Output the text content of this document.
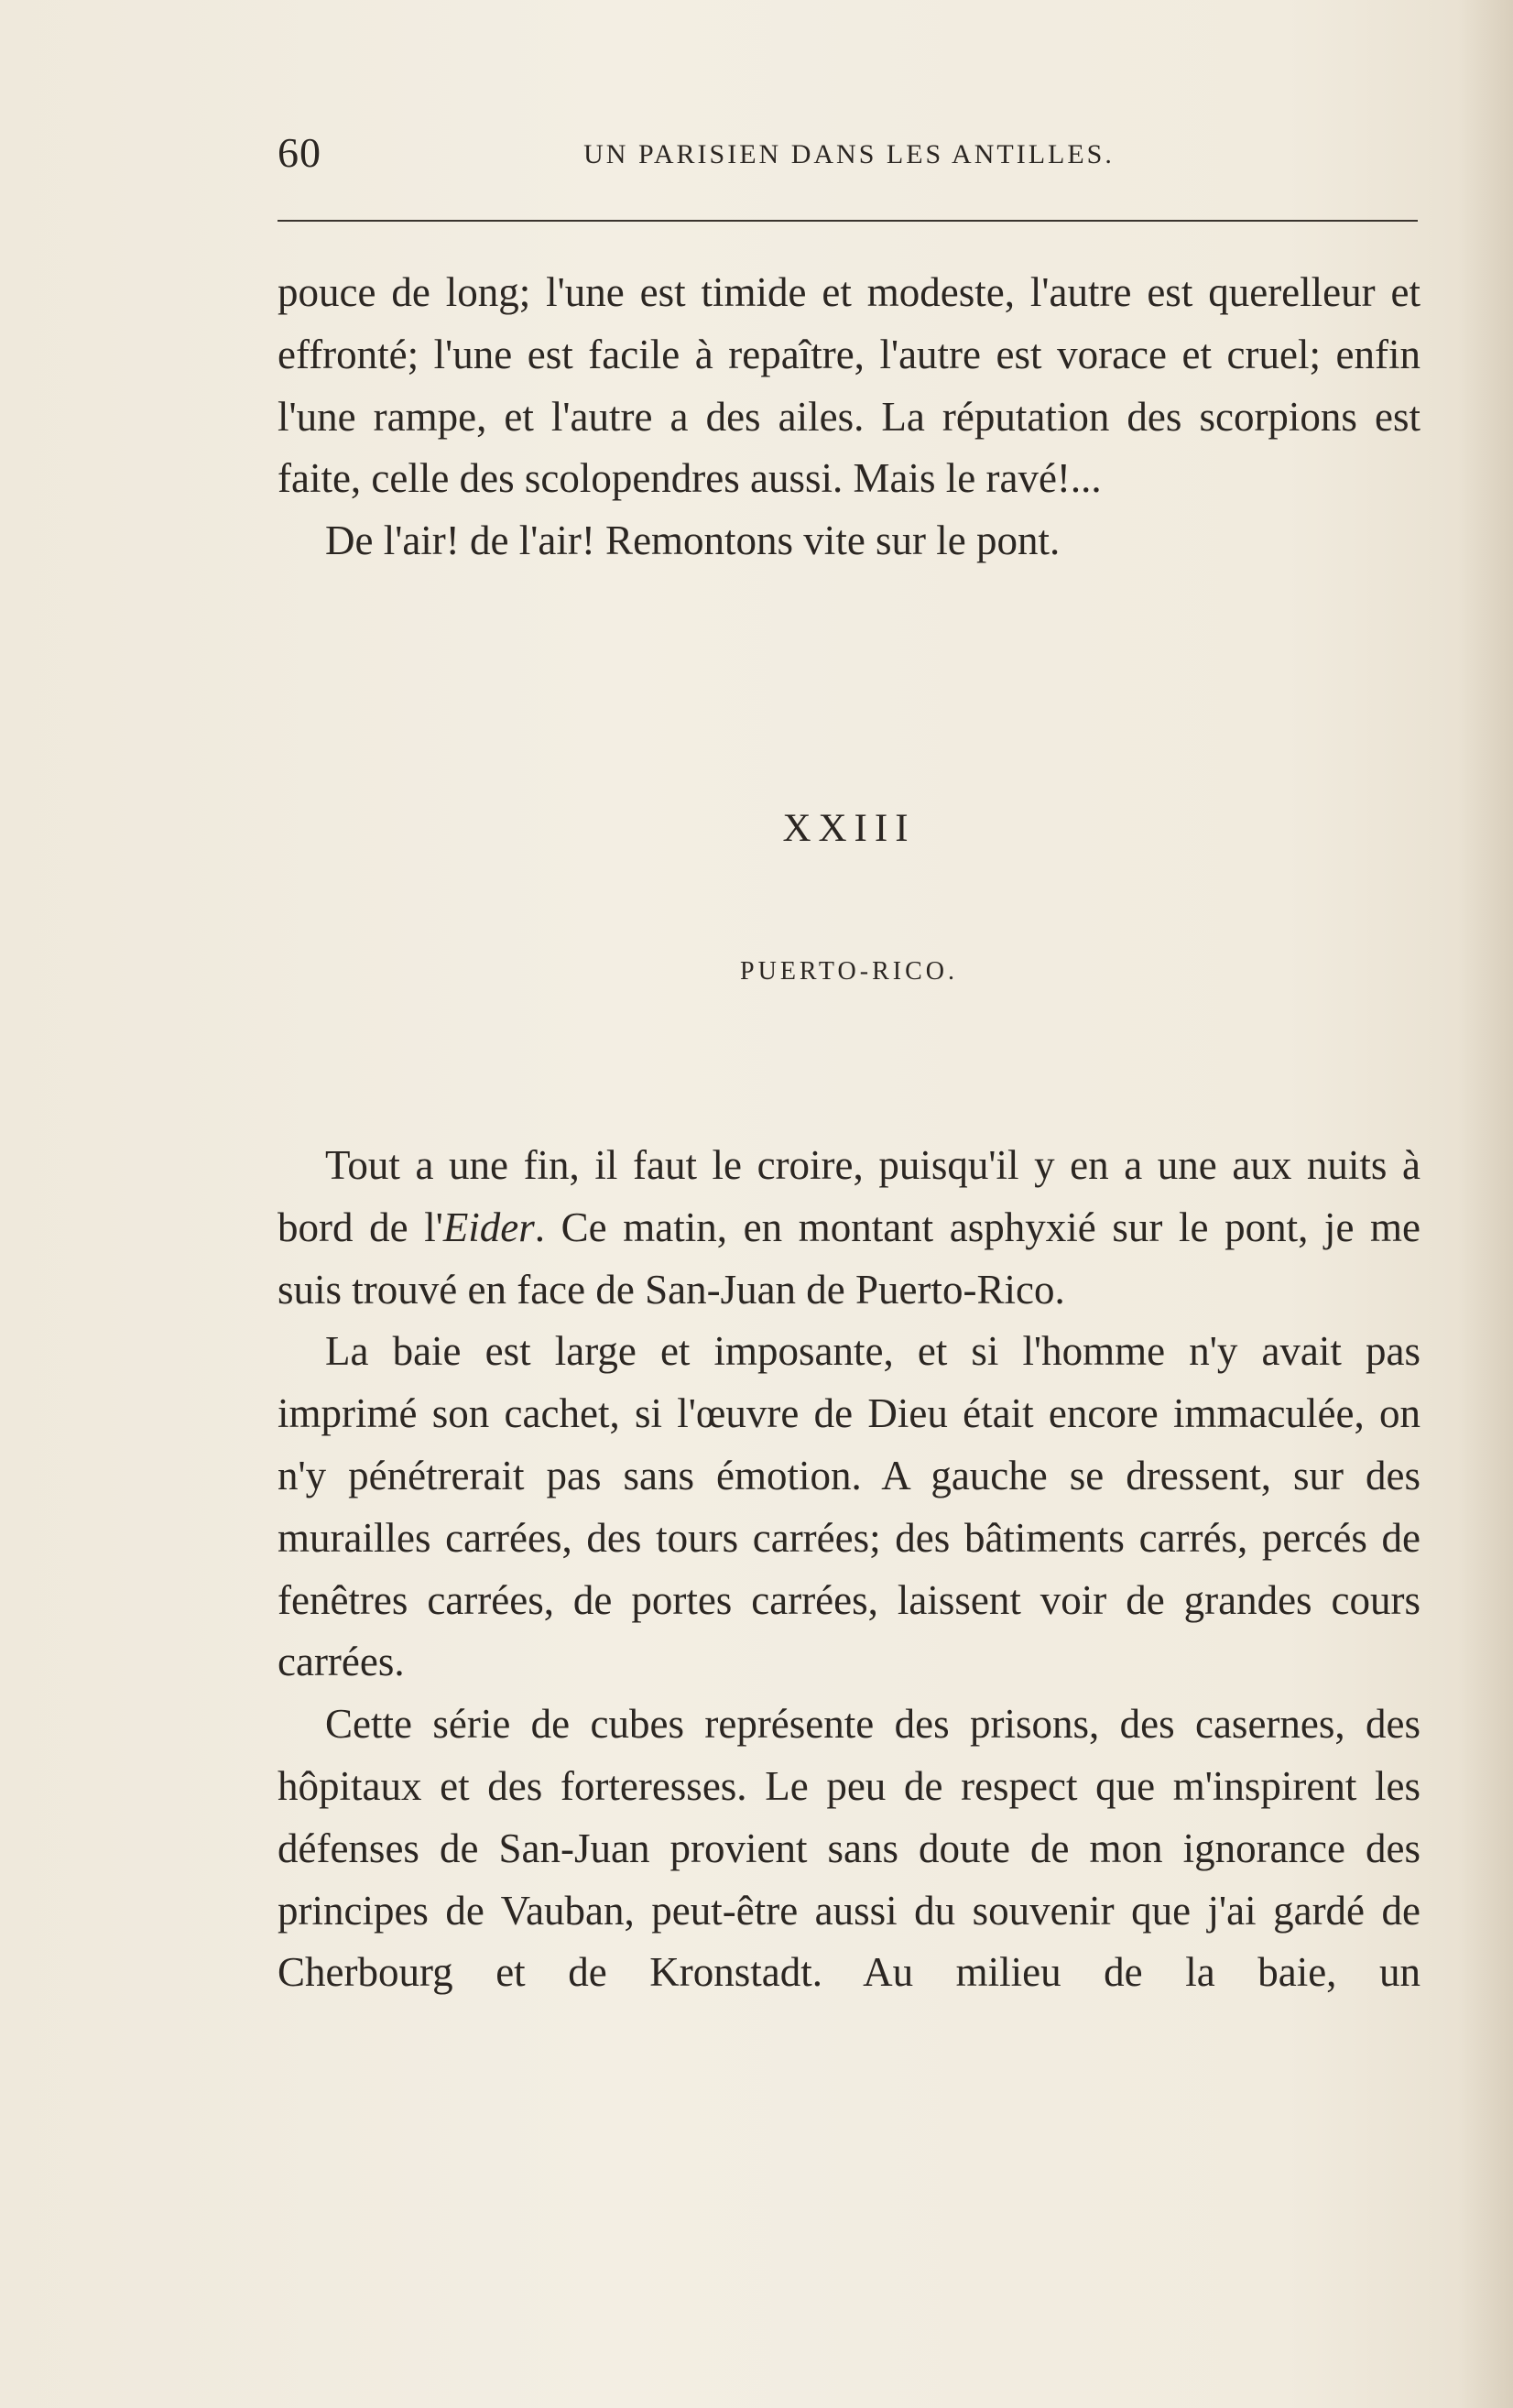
60	UN PARISIEN DANS LES ANTILLES.

pouce de long; l'une est timide et modeste, l'autre est querelleur et effronté; l'une est facile à repaître, l'autre est vorace et cruel; enfin l'une rampe, et l'autre a des ailes. La réputation des scorpions est faite, celle des scolopendres aussi. Mais le ravé!...

De l'air! de l'air! Remontons vite sur le pont.

XXIII
PUERTO-RICO.

Tout a une fin, il faut le croire, puisqu'il y en a une aux nuits à bord de l'Eider. Ce matin, en montant asphyxié sur le pont, je me suis trouvé en face de San-Juan de Puerto-Rico.

La baie est large et imposante, et si l'homme n'y avait pas imprimé son cachet, si l'œuvre de Dieu était encore immaculée, on n'y pénétrerait pas sans émotion. A gauche se dressent, sur des murailles carrées, des tours carrées; des bâtiments carrés, percés de fenêtres carrées, de portes carrées, laissent voir de grandes cours carrées.

Cette série de cubes représente des prisons, des casernes, des hôpitaux et des forteresses. Le peu de respect que m'inspirent les défenses de San-Juan provient sans doute de mon ignorance des principes de Vauban, peut-être aussi du souvenir que j'ai gardé de Cherbourg et de Kronstadt. Au milieu de la baie, un
